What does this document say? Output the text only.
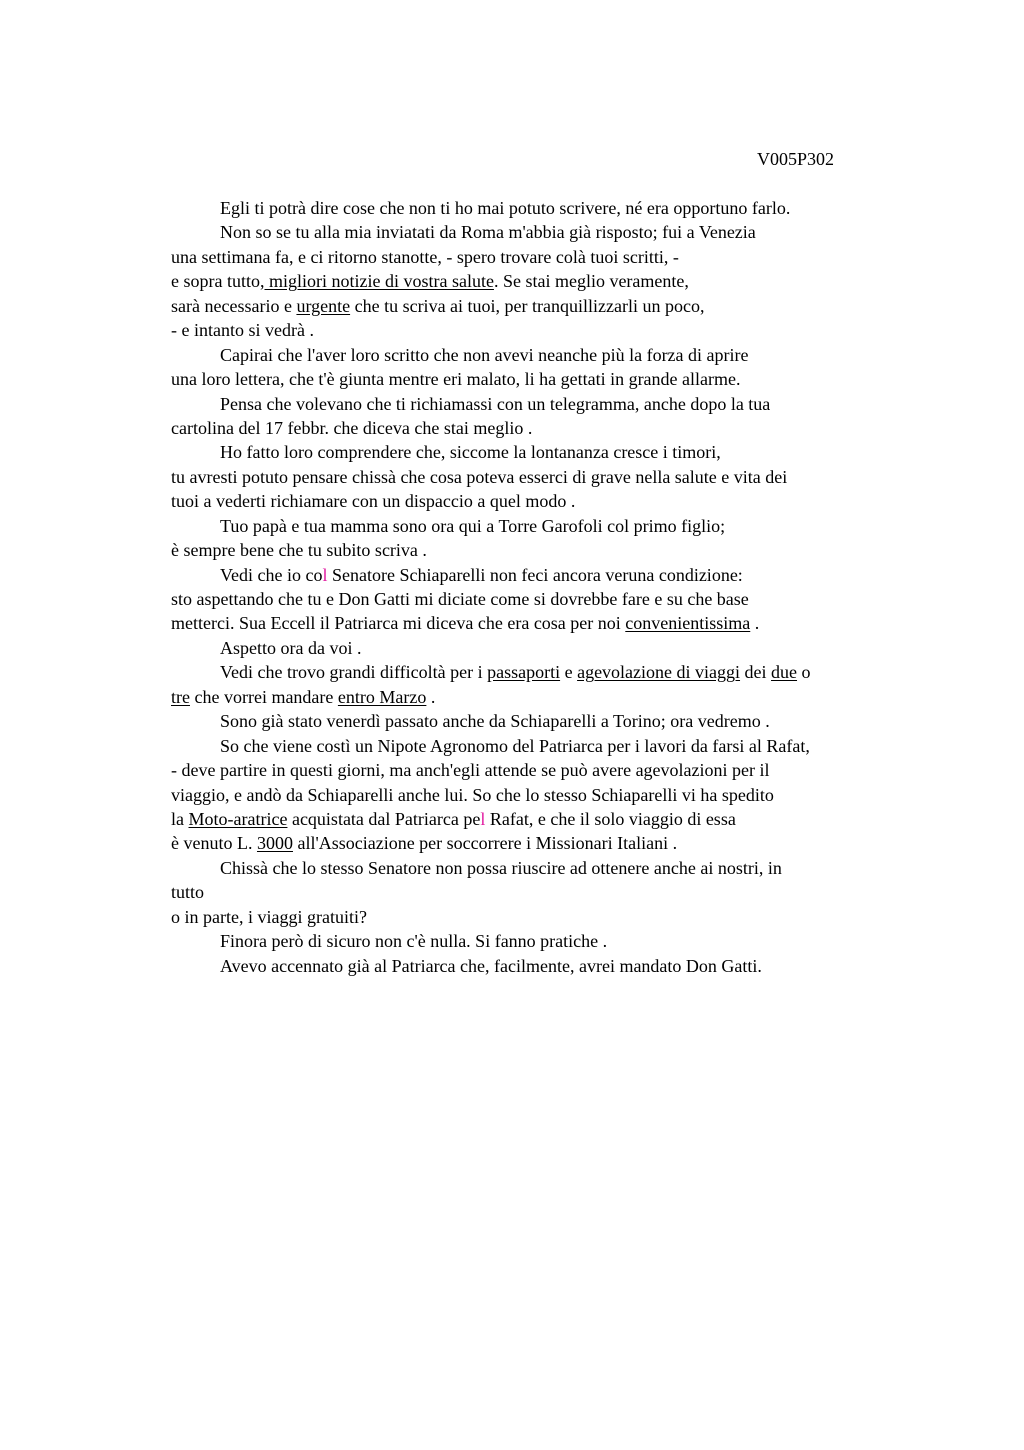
V005P302
Egli ti potrà dire cose che non ti ho mai potuto scrivere, né era opportuno farlo.
Non so se tu alla mia inviatati da Roma m'abbia già risposto; fui a Venezia
una settimana fa, e ci ritorno stanotte, - spero trovare colà tuoi scritti, -
e sopra tutto, migliori notizie di vostra salute. Se stai meglio veramente,
sarà necessario e urgente che tu scriva ai tuoi, per tranquillizzarli un poco,
- e intanto si vedrà .
Capirai che l'aver loro scritto che non avevi neanche più la forza di aprire
una loro lettera, che t'è giunta mentre eri malato, li ha gettati in grande allarme.
Pensa che volevano che ti richiamassi con un telegramma, anche dopo la tua
cartolina del 17 febbr. che diceva che stai meglio .
Ho fatto loro comprendere che, siccome la lontananza cresce i timori,
tu avresti potuto pensare chissà che cosa poteva esserci di grave nella salute e vita dei
tuoi a vederti richiamare con un dispaccio a quel modo .
Tuo papà e tua mamma sono ora qui a Torre Garofoli col primo figlio;
è sempre bene che tu subito scriva .
Vedi che io col Senatore Schiaparelli non feci ancora veruna condizione:
sto aspettando che tu e Don Gatti mi diciate come si dovrebbe fare e su che base
metterci. Sua Eccell il Patriarca mi diceva che era cosa per noi convenientissima .
Aspetto ora da voi .
Vedi che trovo grandi difficoltà per i passaporti e agevolazione di viaggi dei due o
tre che vorrei mandare entro Marzo .
Sono già stato venerdì passato anche da Schiaparelli a Torino; ora vedremo .
So che viene costì un Nipote Agronomo del Patriarca per i lavori da farsi al Rafat,
- deve partire in questi giorni, ma anch'egli attende se può avere agevolazioni per il
viaggio, e andò da Schiaparelli anche lui. So che lo stesso Schiaparelli vi ha spedito
la Moto-aratrice acquistata dal Patriarca pel Rafat, e che il solo viaggio di essa
è venuto L. 3000 all'Associazione per soccorrere i Missionari Italiani .
Chissà che lo stesso Senatore non possa riuscire ad ottenere anche ai nostri, in
tutto
o in parte, i viaggi gratuiti?
Finora però di sicuro non c'è nulla. Si fanno pratiche .
Avevo accennato già al Patriarca che, facilmente, avrei mandato Don Gatti.
